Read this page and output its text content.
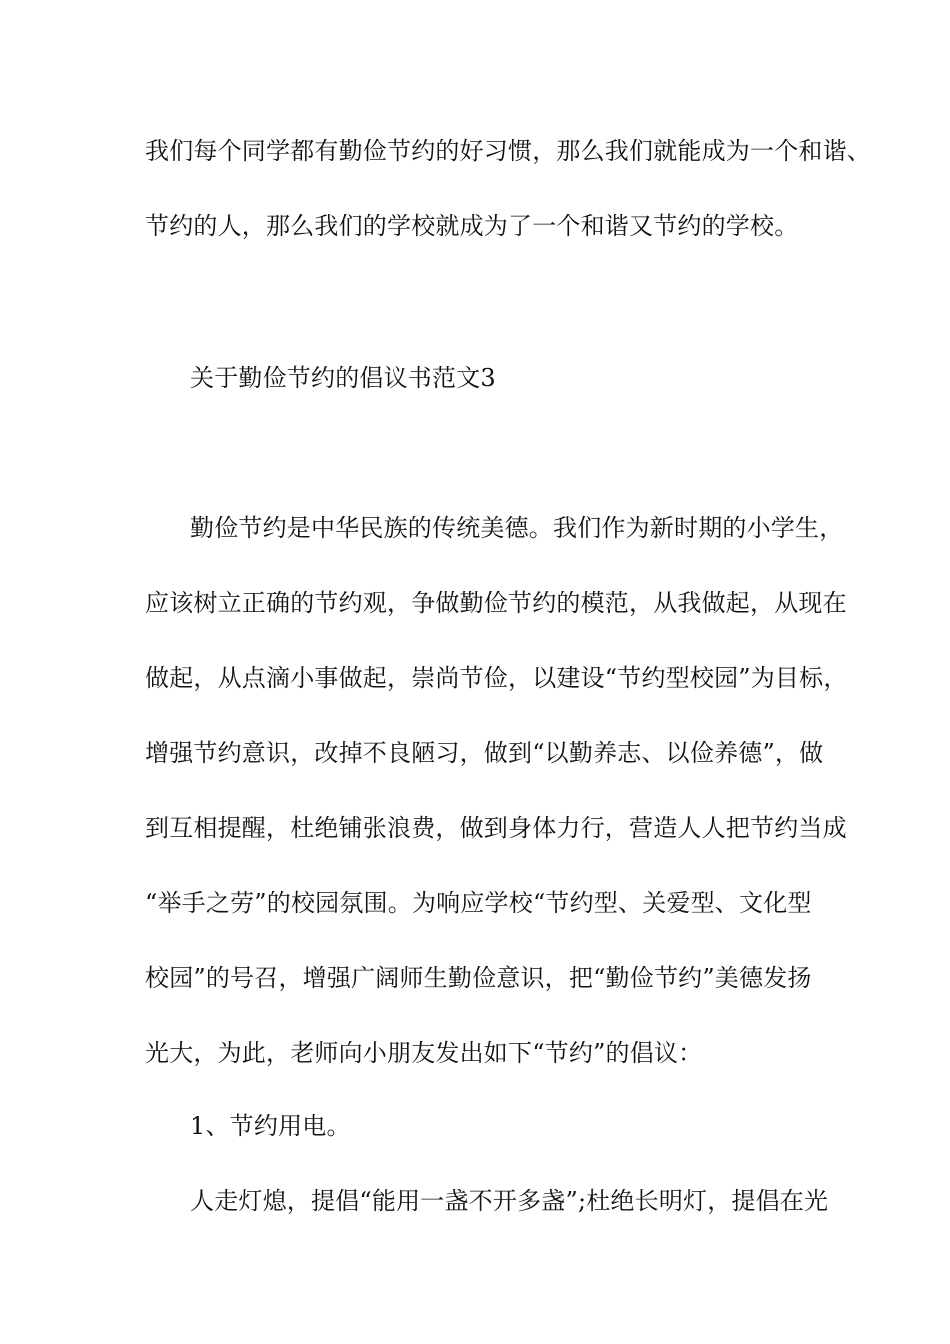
我们每个同学都有勤俭节约的好习惯，那么我们就能成为一个和谐、
节约的人，那么我们的学校就成为了一个和谐又节约的学校。
关于勤俭节约的倡议书范文3
勤俭节约是中华民族的传统美德。我们作为新时期的小学生，
应该树立正确的节约观，争做勤俭节约的模范，从我做起，从现在
做起，从点滴小事做起，崇尚节俭，以建设“节约型校园”为目标，
增强节约意识，改掉不良陋习，做到“以勤养志、以俭养德”，做
到互相提醒，杜绝铺张浪费，做到身体力行，营造人人把节约当成
“举手之劳”的校园氛围。为响应学校“节约型、关爱型、文化型
校园”的号召，增强广阔师生勤俭意识，把“勤俭节约”美德发扬
光大，为此，老师向小朋友发出如下“节约”的倡议：
1、节约用电。
人走灯熄，提倡“能用一盏不开多盏”;杜绝长明灯，提倡在光
